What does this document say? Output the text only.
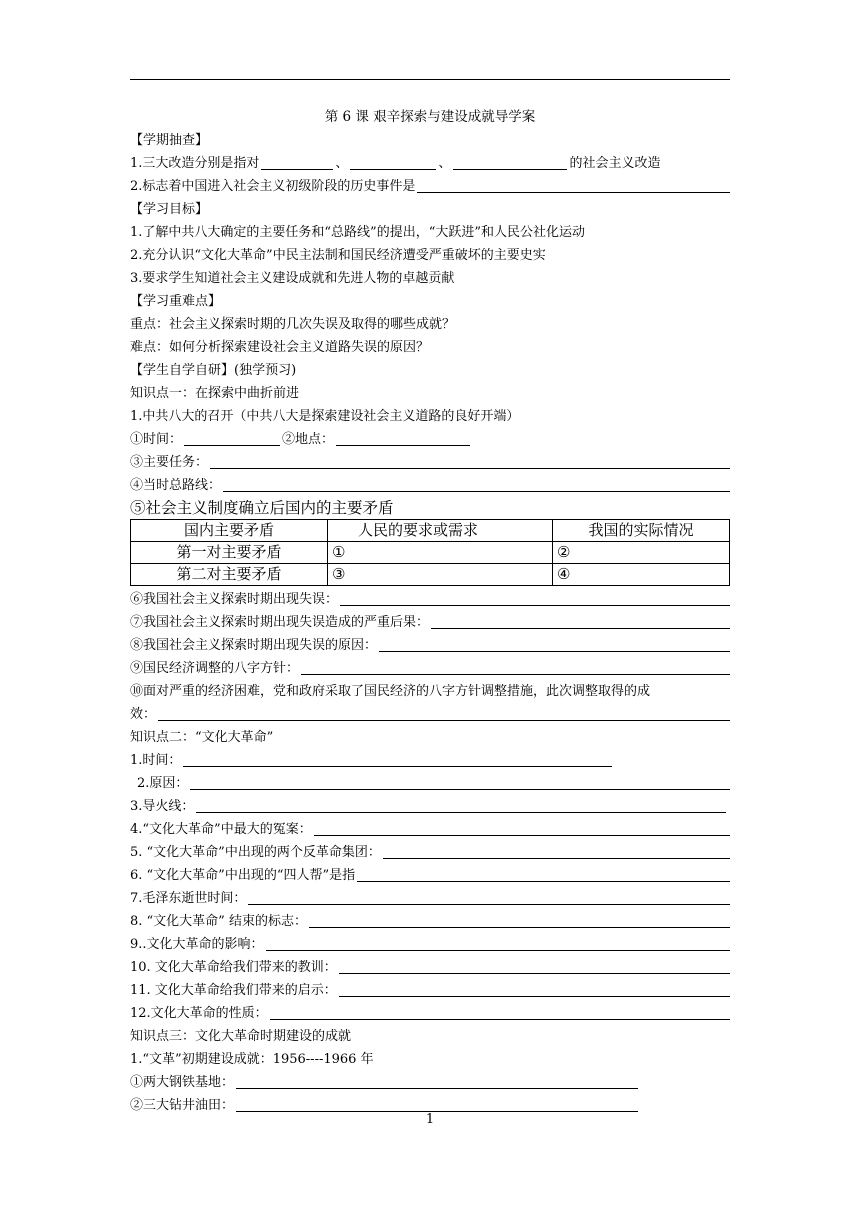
第 6 课 艰辛探索与建设成就导学案
【学期抽查】
1.三大改造分别是指对	、	、	的社会主义改造
2.标志着中国进入社会主义初级阶段的历史事件是
【学习目标】
1.了解中共八大确定的主要任务和“总路线”的提出，“大跃进”和人民公社化运动
2.充分认识“文化大革命”中民主法制和国民经济遭受严重破坏的主要史实
3.要求学生知道社会主义建设成就和先进人物的卓越贡献
【学习重难点】
重点：社会主义探索时期的几次失误及取得的哪些成就？
难点：如何分析探索建设社会主义道路失误的原因？
【学生自学自研】(独学预习)
知识点一：在探索中曲折前进
1.中共八大的召开（中共八大是探索建设社会主义道路的良好开端）
①时间：	②地点：
③主要任务：
④当时总路线：
⑤社会主义制度确立后国内的主要矛盾
国内主要矛盾	人民的要求或需求	我国的实际情况
第一对主要矛盾	①	②
第二对主要矛盾	③	④
⑥我国社会主义探索时期出现失误：
⑦我国社会主义探索时期出现失误造成的严重后果：
⑧我国社会主义探索时期出现失误的原因：
⑨国民经济调整的八字方针：
⑩面对严重的经济困难，党和政府采取了国民经济的八字方针调整措施，此次调整取得的成
效：
知识点二：“文化大革命”
1.时间：
2.原因：
3.导火线：
4.“文化大革命”中最大的冤案：
5. “文化大革命”中出现的两个反革命集团：
6. “文化大革命”中出现的“四人帮”是指
7.毛泽东逝世时间：
8. “文化大革命” 结束的标志：
9..文化大革命的影响：
10. 文化大革命给我们带来的教训：
11. 文化大革命给我们带来的启示：
12.文化大革命的性质：
知识点三：文化大革命时期建设的成就
1.“文革”初期建设成就：1956----1966 年
①两大钢铁基地：
②三大钻井油田：
1
